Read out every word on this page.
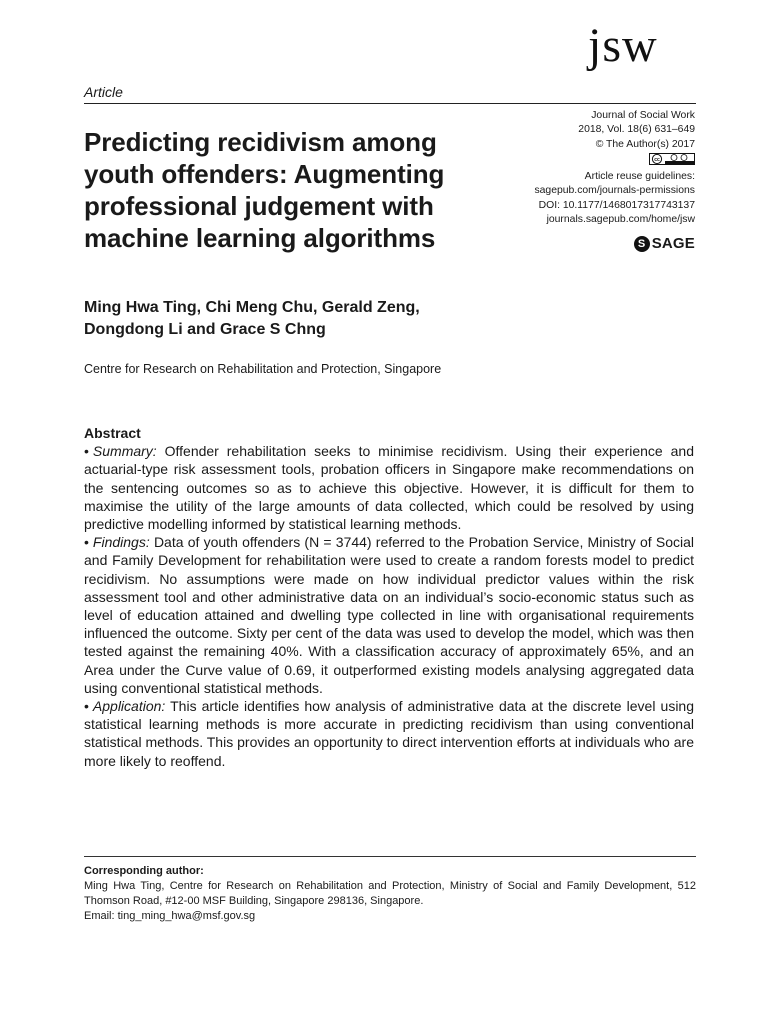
Article
jsw
Journal of Social Work
2018, Vol. 18(6) 631–649
© The Author(s) 2017
cc
Article reuse guidelines:
sagepub.com/journals-permissions
DOI: 10.1177/1468017317743137
journals.sagepub.com/home/jsw
S SAGE
Predicting recidivism among youth offenders: Augmenting professional judgement with machine learning algorithms
Ming Hwa Ting, Chi Meng Chu, Gerald Zeng, Dongdong Li and Grace S Chng
Centre for Research on Rehabilitation and Protection, Singapore
Abstract

• Summary: Offender rehabilitation seeks to minimise recidivism. Using their experience and actuarial-type risk assessment tools, probation officers in Singapore make recommendations on the sentencing outcomes so as to achieve this objective. However, it is difficult for them to maximise the utility of the large amounts of data collected, which could be resolved by using predictive modelling informed by statistical learning methods.

• Findings: Data of youth offenders (N = 3744) referred to the Probation Service, Ministry of Social and Family Development for rehabilitation were used to create a random forests model to predict recidivism. No assumptions were made on how individual predictor values within the risk assessment tool and other administrative data on an individual’s socio-economic status such as level of education attained and dwelling type collected in line with organisational requirements influenced the outcome. Sixty per cent of the data was used to develop the model, which was then tested against the remaining 40%. With a classification accuracy of approximately 65%, and an Area under the Curve value of 0.69, it outperformed existing models analysing aggregated data using conventional statistical methods.

• Application: This article identifies how analysis of administrative data at the discrete level using statistical learning methods is more accurate in predicting recidivism than using conventional statistical methods. This provides an opportunity to direct intervention efforts at individuals who are more likely to reoffend.

Corresponding author:
Ming Hwa Ting, Centre for Research on Rehabilitation and Protection, Ministry of Social and Family Development, 512 Thomson Road, #12-00 MSF Building, Singapore 298136, Singapore.
Email: ting_ming_hwa@msf.gov.sg
